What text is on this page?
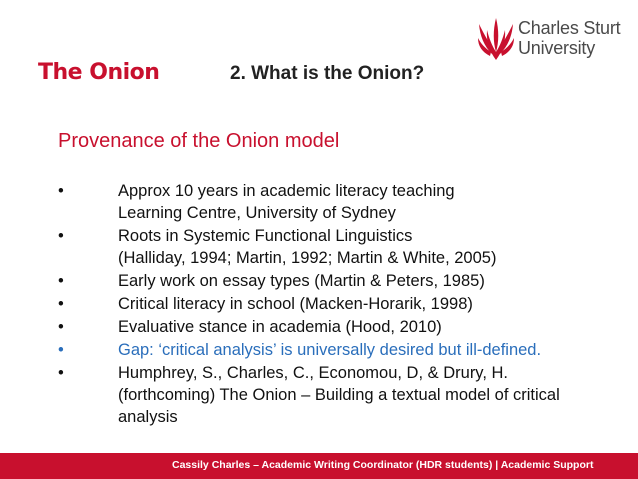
Charles Sturt
University
The Onion	2. What is the Onion?
Provenance of the Onion model
•	Approx 10 years in academic literacy teaching
Learning Centre, University of Sydney
•	Roots in Systemic Functional Linguistics
(Halliday, 1994; Martin, 1992; Martin & White, 2005)
•	Early work on essay types (Martin & Peters, 1985)
•	Critical literacy in school (Macken-Horarik, 1998)
•	Evaluative stance in academia (Hood, 2010)
•	Gap: ‘critical analysis’ is universally desired but ill-defined.
•	Humphrey, S., Charles, C., Economou, D, & Drury, H.
(forthcoming) The Onion – Building a textual model of critical
analysis
Cassily Charles – Academic Writing Coordinator (HDR students) | Academic Support
